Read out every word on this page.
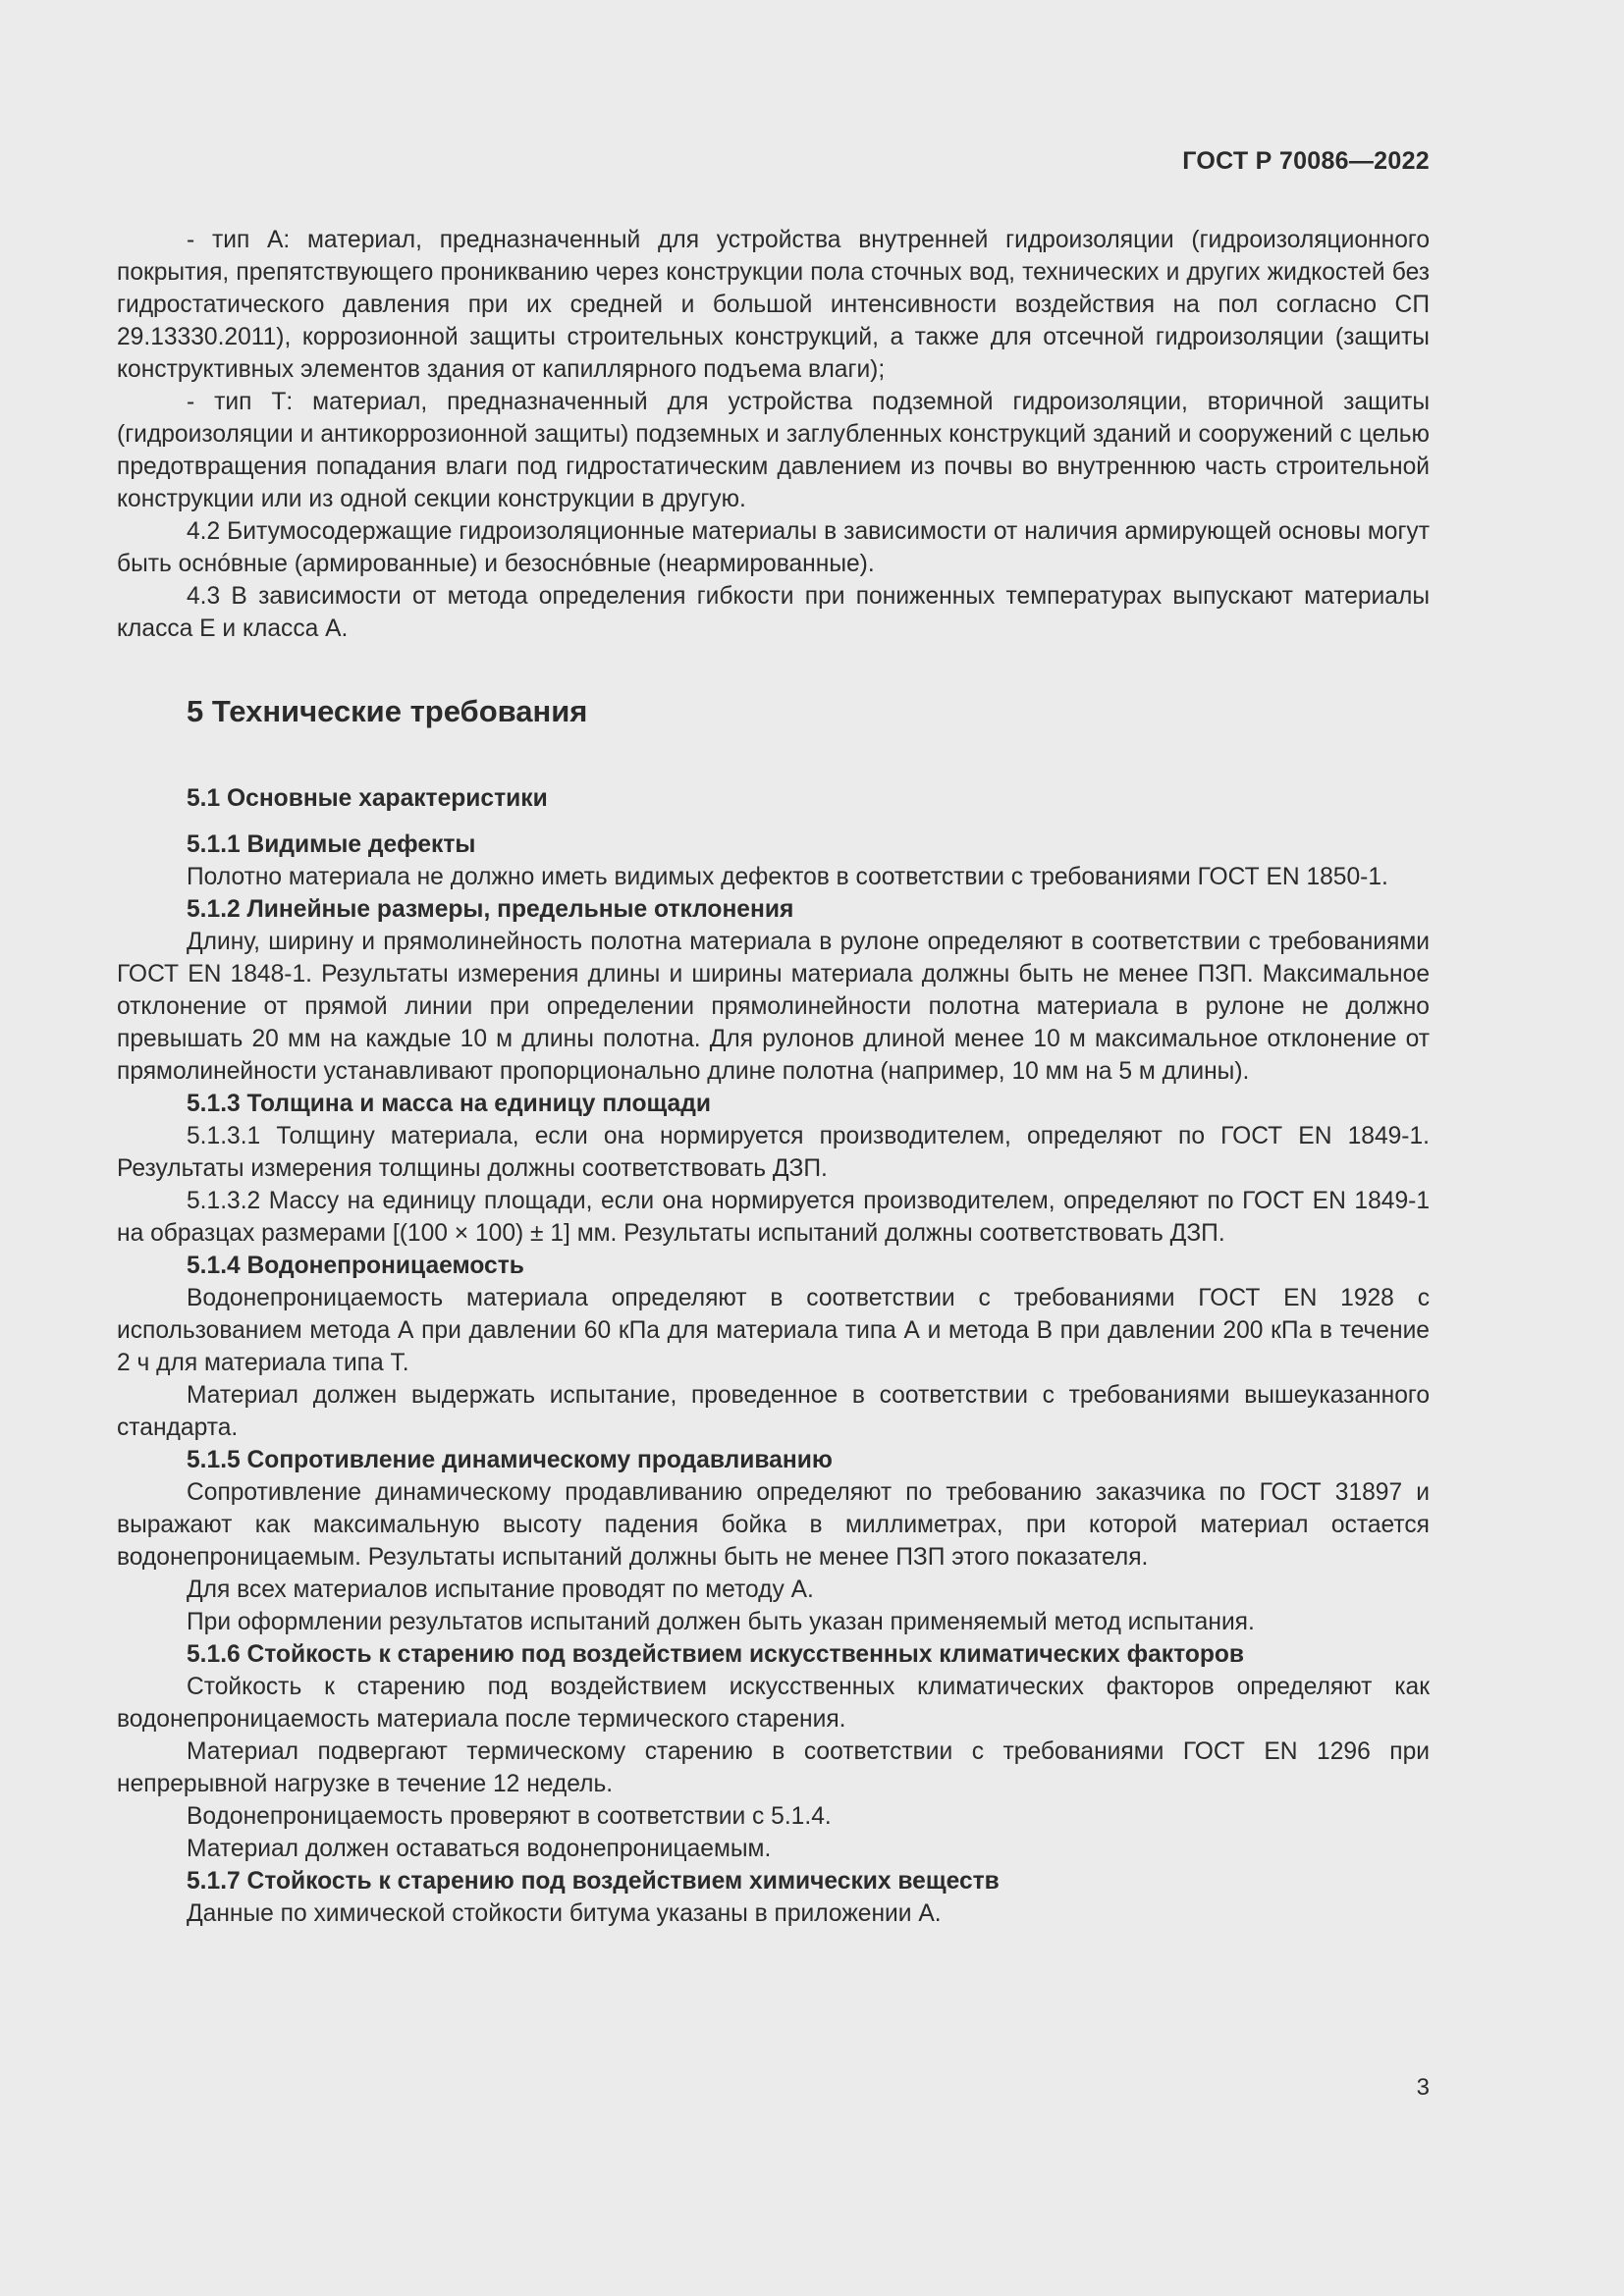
ГОСТ Р 70086—2022

- тип А: материал, предназначенный для устройства внутренней гидроизоляции (гидроизоляционного покрытия, препятствующего проникванию через конструкции пола сточных вод, технических и других жидкостей без гидростатического давления при их средней и большой интенсивности воздействия на пол согласно СП 29.13330.2011), коррозионной защиты строительных конструкций, а также для отсечной гидроизоляции (защиты конструктивных элементов здания от капиллярного подъема влаги);

- тип Т: материал, предназначенный для устройства подземной гидроизоляции, вторичной защиты (гидроизоляции и антикоррозионной защиты) подземных и заглубленных конструкций зданий и сооружений с целью предотвращения попадания влаги под гидростатическим давлением из почвы во внутреннюю часть строительной конструкции или из одной секции конструкции в другую.

4.2 Битумосодержащие гидроизоляционные материалы в зависимости от наличия армирующей основы могут быть оснóвные (армированные) и безоснóвные (неармированные).

4.3 В зависимости от метода определения гибкости при пониженных температурах выпускают материалы класса Е и класса А.

5 Технические требования
5.1 Основные характеристики
5.1.1 Видимые дефекты

Полотно материала не должно иметь видимых дефектов в соответствии с требованиями ГОСТ EN 1850-1.

5.1.2 Линейные размеры, предельные отклонения

Длину, ширину и прямолинейность полотна материала в рулоне определяют в соответствии с требованиями ГОСТ EN 1848-1. Результаты измерения длины и ширины материала должны быть не менее ПЗП. Максимальное отклонение от прямой линии при определении прямолинейности полотна материала в рулоне не должно превышать 20 мм на каждые 10 м длины полотна. Для рулонов длиной менее 10 м максимальное отклонение от прямолинейности устанавливают пропорционально длине полотна (например, 10 мм на 5 м длины).

5.1.3 Толщина и масса на единицу площади

5.1.3.1 Толщину материала, если она нормируется производителем, определяют по ГОСТ EN 1849-1. Результаты измерения толщины должны соответствовать ДЗП.

5.1.3.2 Массу на единицу площади, если она нормируется производителем, определяют по ГОСТ EN 1849-1 на образцах размерами [(100 × 100) ± 1] мм. Результаты испытаний должны соответствовать ДЗП.

5.1.4 Водонепроницаемость

Водонепроницаемость материала определяют в соответствии с требованиями ГОСТ EN 1928 с использованием метода А при давлении 60 кПа для материала типа А и метода В при давлении 200 кПа в течение 2 ч для материала типа Т.

Материал должен выдержать испытание, проведенное в соответствии с требованиями вышеуказанного стандарта.

5.1.5 Сопротивление динамическому продавливанию

Сопротивление динамическому продавливанию определяют по требованию заказчика по ГОСТ 31897 и выражают как максимальную высоту падения бойка в миллиметрах, при которой материал остается водонепроницаемым. Результаты испытаний должны быть не менее ПЗП этого показателя.

Для всех материалов испытание проводят по методу А.

При оформлении результатов испытаний должен быть указан применяемый метод испытания.

5.1.6 Стойкость к старению под воздействием искусственных климатических факторов

Стойкость к старению под воздействием искусственных климатических факторов определяют как водонепроницаемость материала после термического старения.

Материал подвергают термическому старению в соответствии с требованиями ГОСТ EN 1296 при непрерывной нагрузке в течение 12 недель.

Водонепроницаемость проверяют в соответствии с 5.1.4.

Материал должен оставаться водонепроницаемым.

5.1.7 Стойкость к старению под воздействием химических веществ

Данные по химической стойкости битума указаны в приложении А.

3
